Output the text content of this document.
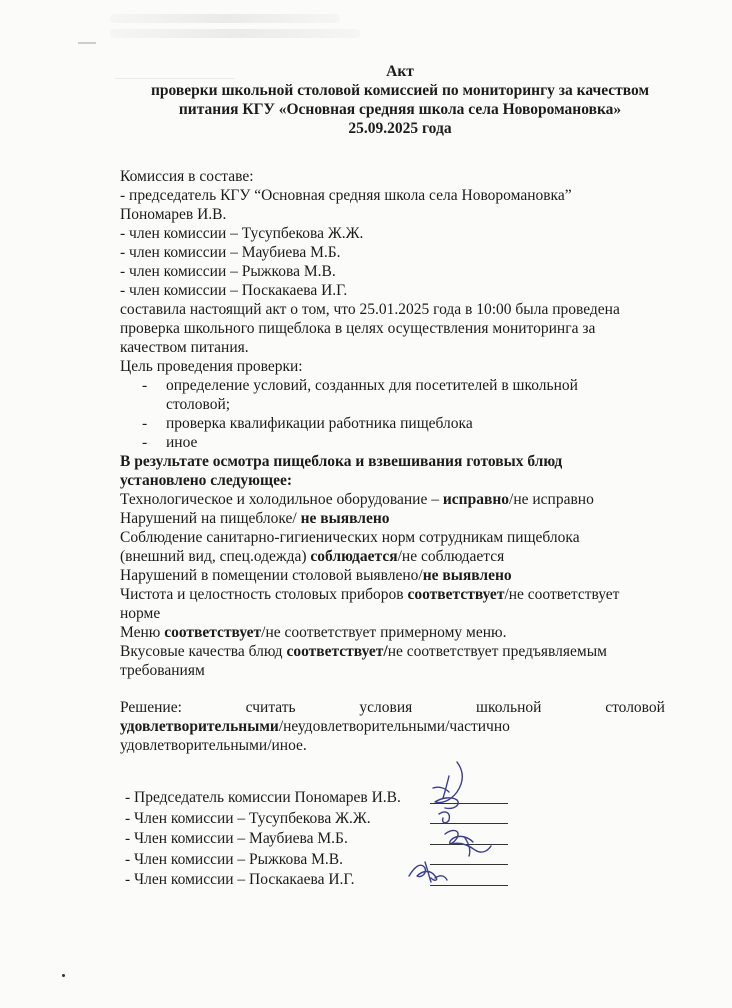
Акт
проверки школьной столовой комиссией по мониторингу за качеством
питания КГУ «Основная средняя школа села Новоромановка»
25.09.2025 года
Комиссия в составе:
- председатель КГУ “Основная средняя школа села Новоромановка”
Пономарев И.В.
- член комиссии – Тусупбекова Ж.Ж.
- член комиссии – Маубиева М.Б.
- член комиссии – Рыжкова М.В.
- член комиссии – Поскакаева И.Г.
составила настоящий акт о том, что 25.01.2025 года в 10:00 была проведена
проверка школьного пищеблока в целях осуществления мониторинга за
качеством питания.
Цель проведения проверки:
- определение условий, созданных для посетителей в школьной
столовой;
- проверка квалификации работника пищеблока
- иное
В результате осмотра пищеблока и взвешивания готовых блюд
установлено следующее:
Технологическое и холодильное оборудование – исправно/не исправно
Нарушений на пищеблоке/ не выявлено
Соблюдение санитарно-гигиенических норм сотрудникам пищеблока
(внешний вид, спец.одежда) соблюдается/не соблюдается
Нарушений в помещении столовой выявлено/не выявлено
Чистота и целостность столовых приборов соответствует/не соответствует
норме
Меню соответствует/не соответствует примерному меню.
Вкусовые качества блюд соответствует/не соответствует предъявляемым
требованиям
Решение:	считать	условия	школьной	столовой
удовлетворительными/неудовлетворительными/частично
удовлетворительными/иное.
- Председатель комиссии Пономарев И.В.
- Член комиссии – Тусупбекова Ж.Ж.
- Член комиссии – Маубиева М.Б.
- Член комиссии – Рыжкова М.В.
- Член комиссии – Поскакаева И.Г.
